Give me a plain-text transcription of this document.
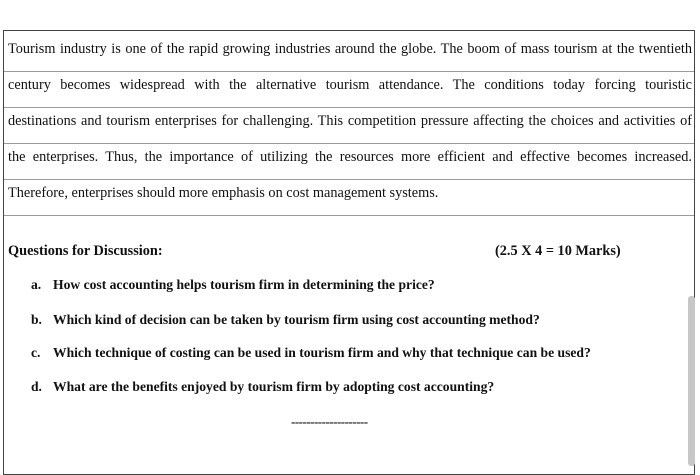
Tourism industry is one of the rapid growing industries around the globe. The boom of mass tourism at the twentieth
century becomes widespread with the alternative tourism attendance. The conditions today forcing touristic
destinations and tourism enterprises for challenging. This competition pressure affecting the choices and activities of
the enterprises. Thus, the importance of utilizing the resources more efficient and effective becomes increased.
Therefore, enterprises should more emphasis on cost management systems.
Questions for Discussion:	(2.5 X 4 = 10 Marks)
a. How cost accounting helps tourism firm in determining the price?
b. Which kind of decision can be taken by tourism firm using cost accounting method?
c. Which technique of costing can be used in tourism firm and why that technique can be used?
d. What are the benefits enjoyed by tourism firm by adopting cost accounting?
--------------------
